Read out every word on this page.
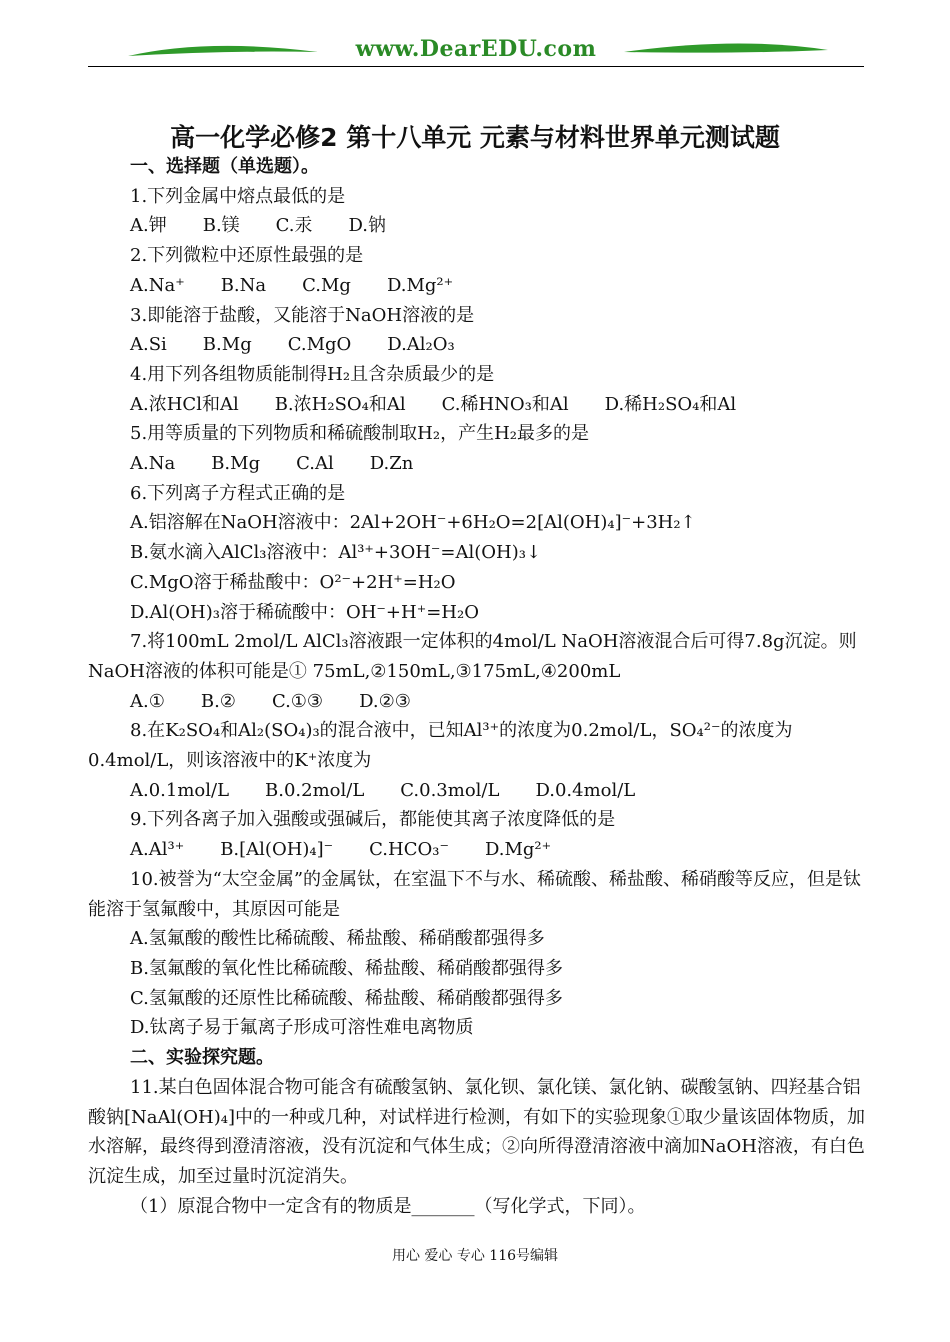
www.DearEDU.com
高一化学必修2 第十八单元 元素与材料世界单元测试题
一、选择题（单选题）。
1.下列金属中熔点最低的是
A.钾　　B.镁　　C.汞　　D.钠
2.下列微粒中还原性最强的是
A.Na⁺　　B.Na　　C.Mg　　D.Mg²⁺
3.即能溶于盐酸，又能溶于NaOH溶液的是
A.Si　　B.Mg　　C.MgO　　D.Al₂O₃
4.用下列各组物质能制得H₂且含杂质最少的是
A.浓HCl和Al　　B.浓H₂SO₄和Al　　C.稀HNO₃和Al　　D.稀H₂SO₄和Al
5.用等质量的下列物质和稀硫酸制取H₂，产生H₂最多的是
A.Na　　B.Mg　　C.Al　　D.Zn
6.下列离子方程式正确的是
A.铝溶解在NaOH溶液中：2Al+2OH⁻+6H₂O=2[Al(OH)₄]⁻+3H₂↑
B.氨水滴入AlCl₃溶液中：Al³⁺+3OH⁻=Al(OH)₃↓
C.MgO溶于稀盐酸中：O²⁻+2H⁺=H₂O
D.Al(OH)₃溶于稀硫酸中：OH⁻+H⁺=H₂O
7.将100mL 2mol/L AlCl₃溶液跟一定体积的4mol/L NaOH溶液混合后可得7.8g沉淀。则NaOH溶液的体积可能是① 75mL,②150mL,③175mL,④200mL
A.①　　B.②　　C.①③　　D.②③
8.在K₂SO₄和Al₂(SO₄)₃的混合液中，已知Al³⁺的浓度为0.2mol/L，SO₄²⁻的浓度为0.4mol/L，则该溶液中的K⁺浓度为
A.0.1mol/L　　B.0.2mol/L　　C.0.3mol/L　　D.0.4mol/L
9.下列各离子加入强酸或强碱后，都能使其离子浓度降低的是
A.Al³⁺　　B.[Al(OH)₄]⁻　　C.HCO₃⁻　　D.Mg²⁺
10.被誉为“太空金属”的金属钛，在室温下不与水、稀硫酸、稀盐酸、稀硝酸等反应，但是钛能溶于氢氟酸中，其原因可能是
A.氢氟酸的酸性比稀硫酸、稀盐酸、稀硝酸都强得多
B.氢氟酸的氧化性比稀硫酸、稀盐酸、稀硝酸都强得多
C.氢氟酸的还原性比稀硫酸、稀盐酸、稀硝酸都强得多
D.钛离子易于氟离子形成可溶性难电离物质
二、实验探究题。
11.某白色固体混合物可能含有硫酸氢钠、氯化钡、氯化镁、氯化钠、碳酸氢钠、四羟基合铝酸钠[NaAl(OH)₄]中的一种或几种，对试样进行检测，有如下的实验现象①取少量该固体物质，加水溶解，最终得到澄清溶液，没有沉淀和气体生成；②向所得澄清溶液中滴加NaOH溶液，有白色沉淀生成，加至过量时沉淀消失。
（1）原混合物中一定含有的物质是_______（写化学式，下同）。
用心 爱心 专心 116号编辑
